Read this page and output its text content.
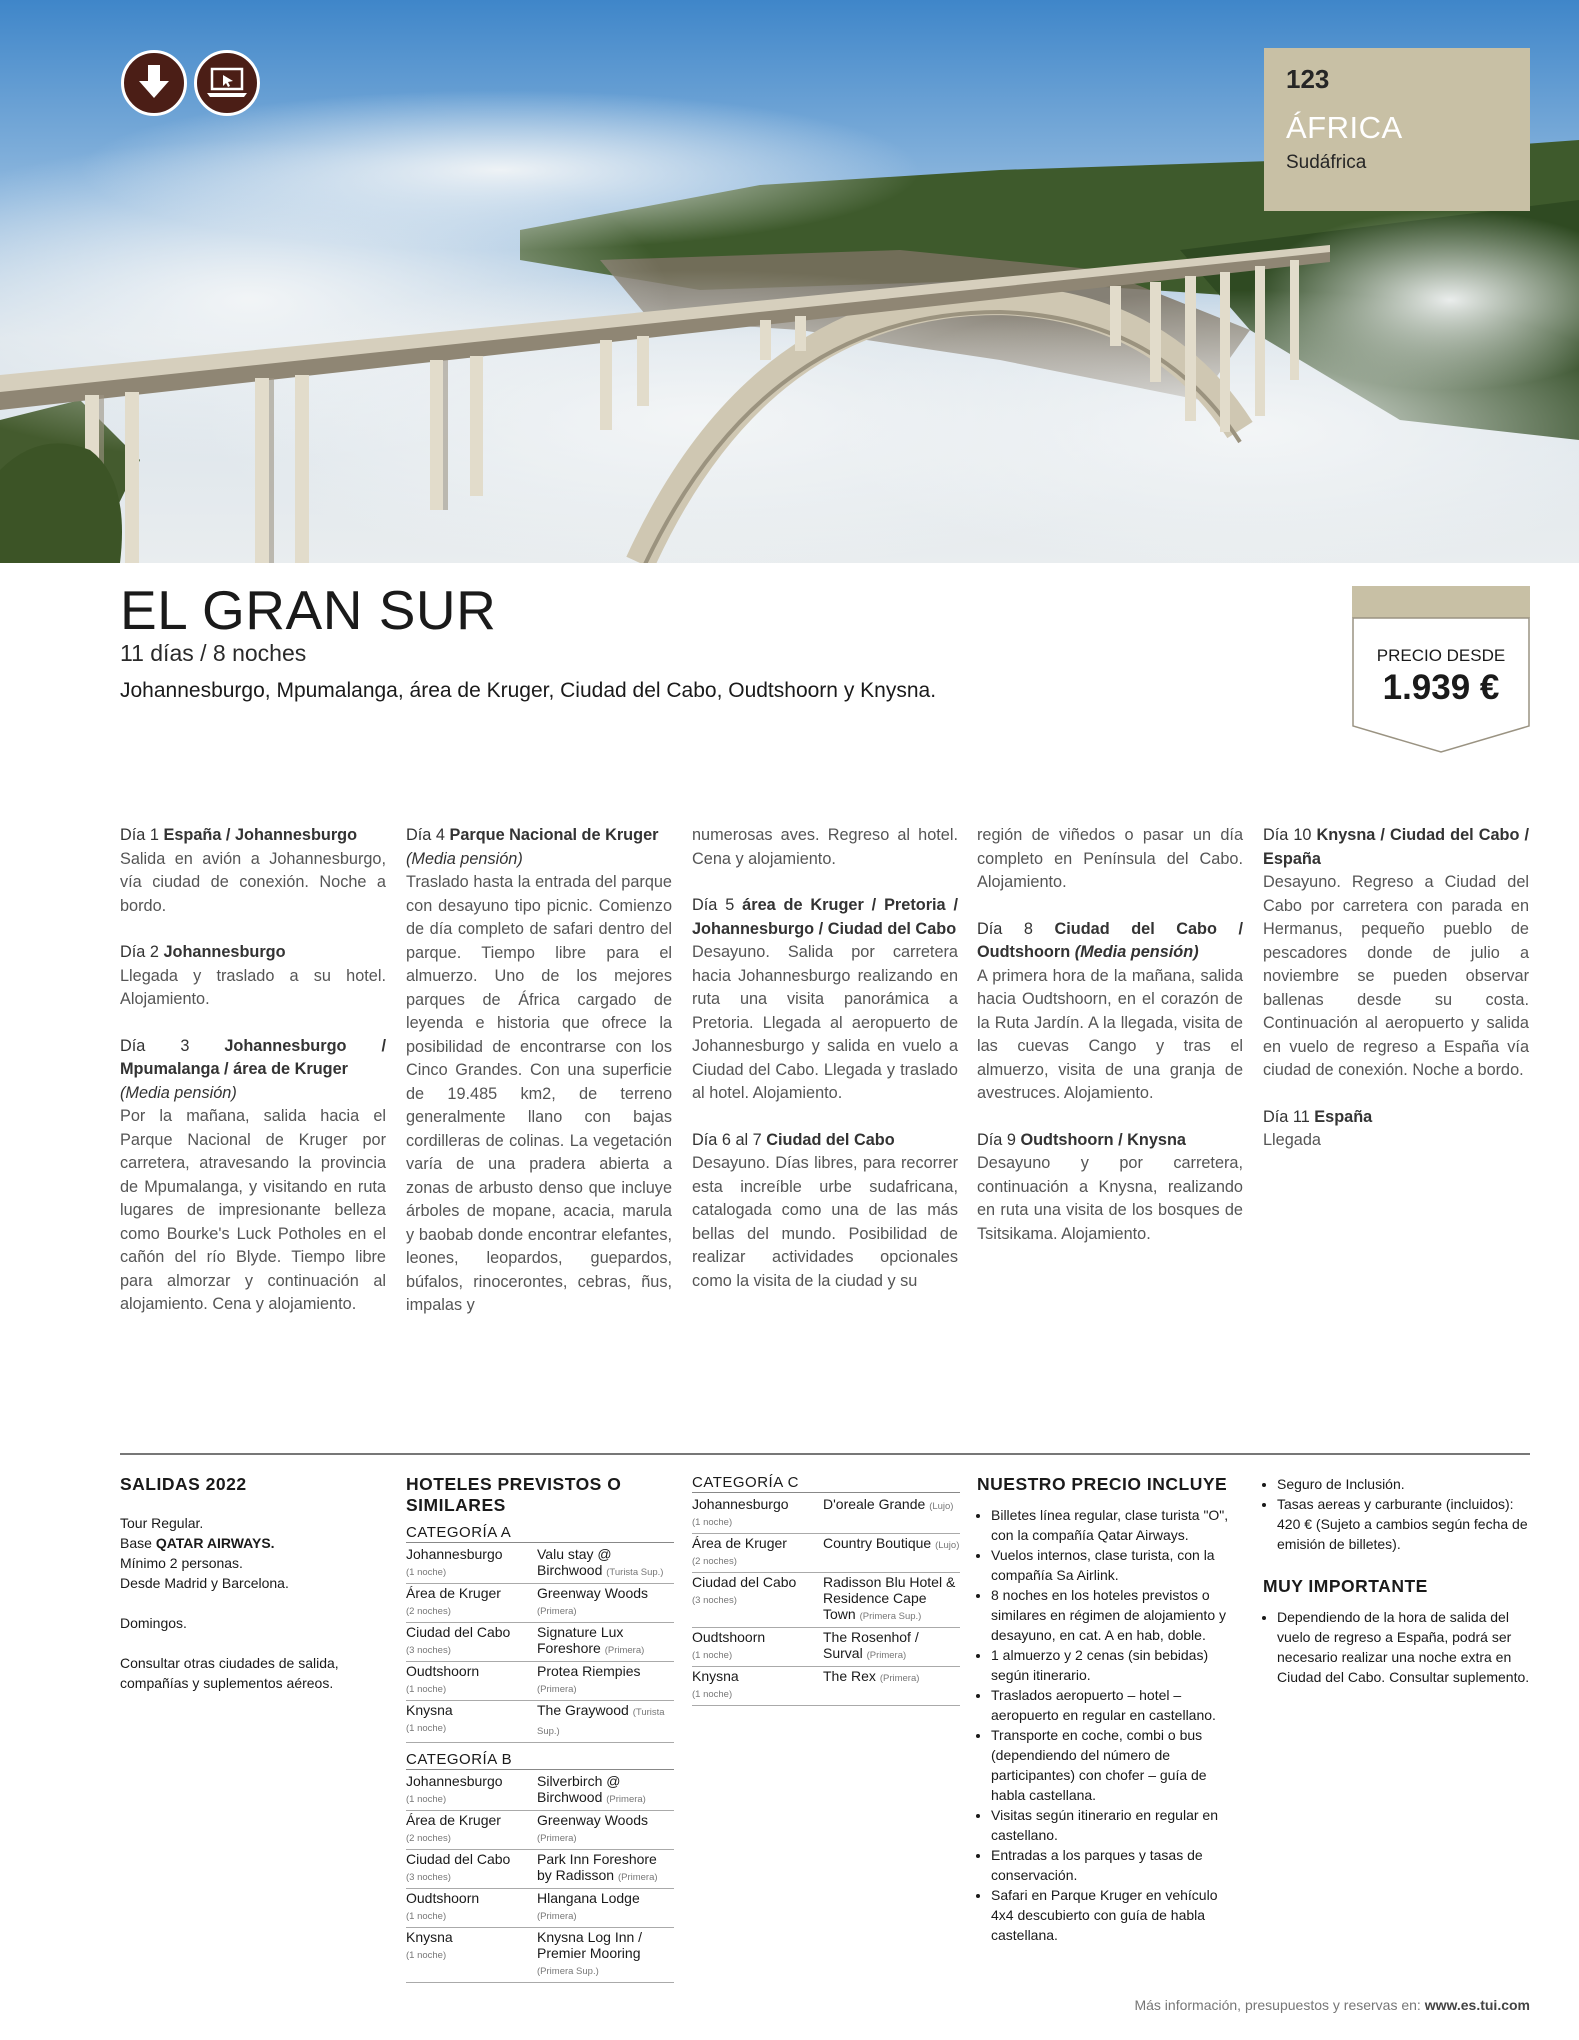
123
ÁFRICA
Sudáfrica
EL GRAN SUR
11 días / 8 noches
Johannesburgo, Mpumalanga, área de Kruger, Ciudad del Cabo, Oudtshoorn y Knysna.
PRECIO DESDE
1.939 €

Día 1 España / Johannesburgo
Salida en avión a Johannesburgo, vía ciudad de conexión. Noche a bordo.

Día 2 Johannesburgo
Llegada y traslado a su hotel. Alojamiento.

Día 3 Johannesburgo / Mpumalanga / área de Kruger
(Media pensión)
Por la mañana, salida hacia el Parque Nacional de Kruger por carretera, atravesando la provincia de Mpumalanga, y visitando en ruta lugares de impresionante belleza como Bourke's Luck Potholes en el cañón del río Blyde. Tiempo libre para almorzar y continuación al alojamiento. Cena y alojamiento.

Día 4 Parque Nacional de Kruger
(Media pensión)
Traslado hasta la entrada del parque con desayuno tipo picnic. Comienzo de día completo de safari dentro del parque. Tiempo libre para el almuerzo. Uno de los mejores parques de África cargado de leyenda e historia que ofrece la posibilidad de encontrarse con los Cinco Grandes. Con una superficie de 19.485 km2, de terreno generalmente llano con bajas cordilleras de colinas. La vegetación varía de una pradera abierta a zonas de arbusto denso que incluye árboles de mopane, acacia, marula y baobab donde encontrar elefantes, leones, leopardos, guepardos, búfalos, rinocerontes, cebras, ñus, impalas y

numerosas aves. Regreso al hotel. Cena y alojamiento.

Día 5 área de Kruger / Pretoria / Johannesburgo / Ciudad del Cabo
Desayuno. Salida por carretera hacia Johannesburgo realizando en ruta una visita panorámica a Pretoria. Llegada al aeropuerto de Johannesburgo y salida en vuelo a Ciudad del Cabo. Llegada y traslado al hotel. Alojamiento.

Día 6 al 7 Ciudad del Cabo
Desayuno. Días libres, para recorrer esta increíble urbe sudafricana, catalogada como una de las más bellas del mundo. Posibilidad de realizar actividades opcionales como la visita de la ciudad y su

región de viñedos o pasar un día completo en Península del Cabo. Alojamiento.

Día 8 Ciudad del Cabo / Oudtshoorn (Media pensión)
A primera hora de la mañana, salida hacia Oudtshoorn, en el corazón de la Ruta Jardín. A la llegada, visita de las cuevas Cango y tras el almuerzo, visita de una granja de avestruces. Alojamiento.

Día 9 Oudtshoorn / Knysna
Desayuno y por carretera, continuación a Knysna, realizando en ruta una visita de los bosques de Tsitsikama. Alojamiento.

Día 10 Knysna / Ciudad del Cabo / España
Desayuno. Regreso a Ciudad del Cabo por carretera con parada en Hermanus, pequeño pueblo de pescadores donde de julio a noviembre se pueden observar ballenas desde su costa. Continuación al aeropuerto y salida en vuelo de regreso a España vía ciudad de conexión. Noche a bordo.

Día 11 España
Llegada

SALIDAS 2022
Tour Regular.
Base QATAR AIRWAYS.
Mínimo 2 personas.
Desde Madrid y Barcelona.
Domingos.
Consultar otras ciudades de salida, compañías y suplementos aéreos.
HOTELES PREVISTOS O SIMILARES
CATEGORÍA A
Johannesburgo
(1 noche)
Valu stay @ Birchwood (Turista Sup.)
Área de Kruger
(2 noches)
Greenway Woods (Primera)
Ciudad del Cabo
(3 noches)
Signature Lux Foreshore (Primera)
Oudtshoorn
(1 noche)
Protea Riempies (Primera)
Knysna
(1 noche)
The Graywood (Turista Sup.)
CATEGORÍA B
Johannesburgo
(1 noche)
Silverbirch @ Birchwood (Primera)
Área de Kruger
(2 noches)
Greenway Woods (Primera)
Ciudad del Cabo
(3 noches)
Park Inn Foreshore by Radisson (Primera)
Oudtshoorn
(1 noche)
Hlangana Lodge (Primera)
Knysna
(1 noche)
Knysna Log Inn / Premier Mooring (Primera Sup.)
CATEGORÍA C
Johannesburgo
(1 noche)
D'oreale Grande (Lujo)
Área de Kruger
(2 noches)
Country Boutique (Lujo)
Ciudad del Cabo
(3 noches)
Radisson Blu Hotel & Residence Cape Town (Primera Sup.)
Oudtshoorn
(1 noche)
The Rosenhof / Surval (Primera)
Knysna
(1 noche)
The Rex (Primera)
NUESTRO PRECIO INCLUYE
• Billetes línea regular, clase turista "O", con la compañía Qatar Airways.
• Vuelos internos, clase turista, con la compañía Sa Airlink.
• 8 noches en los hoteles previstos o similares en régimen de alojamiento y desayuno, en cat. A en hab, doble.
• 1 almuerzo y 2 cenas (sin bebidas) según itinerario.
• Traslados aeropuerto – hotel – aeropuerto en regular en castellano.
• Transporte en coche, combi o bus (dependiendo del número de participantes) con chofer – guía de habla castellana.
• Visitas según itinerario en regular en castellano.
• Entradas a los parques y tasas de conservación.
• Safari en Parque Kruger en vehículo 4x4 descubierto con guía de habla castellana.
• Seguro de Inclusión.
• Tasas aereas y carburante (incluidos): 420 € (Sujeto a cambios según fecha de emisión de billetes).
MUY IMPORTANTE
• Dependiendo de la hora de salida del vuelo de regreso a España, podrá ser necesario realizar una noche extra en Ciudad del Cabo. Consultar suplemento.
Más información, presupuestos y reservas en: www.es.tui.com
